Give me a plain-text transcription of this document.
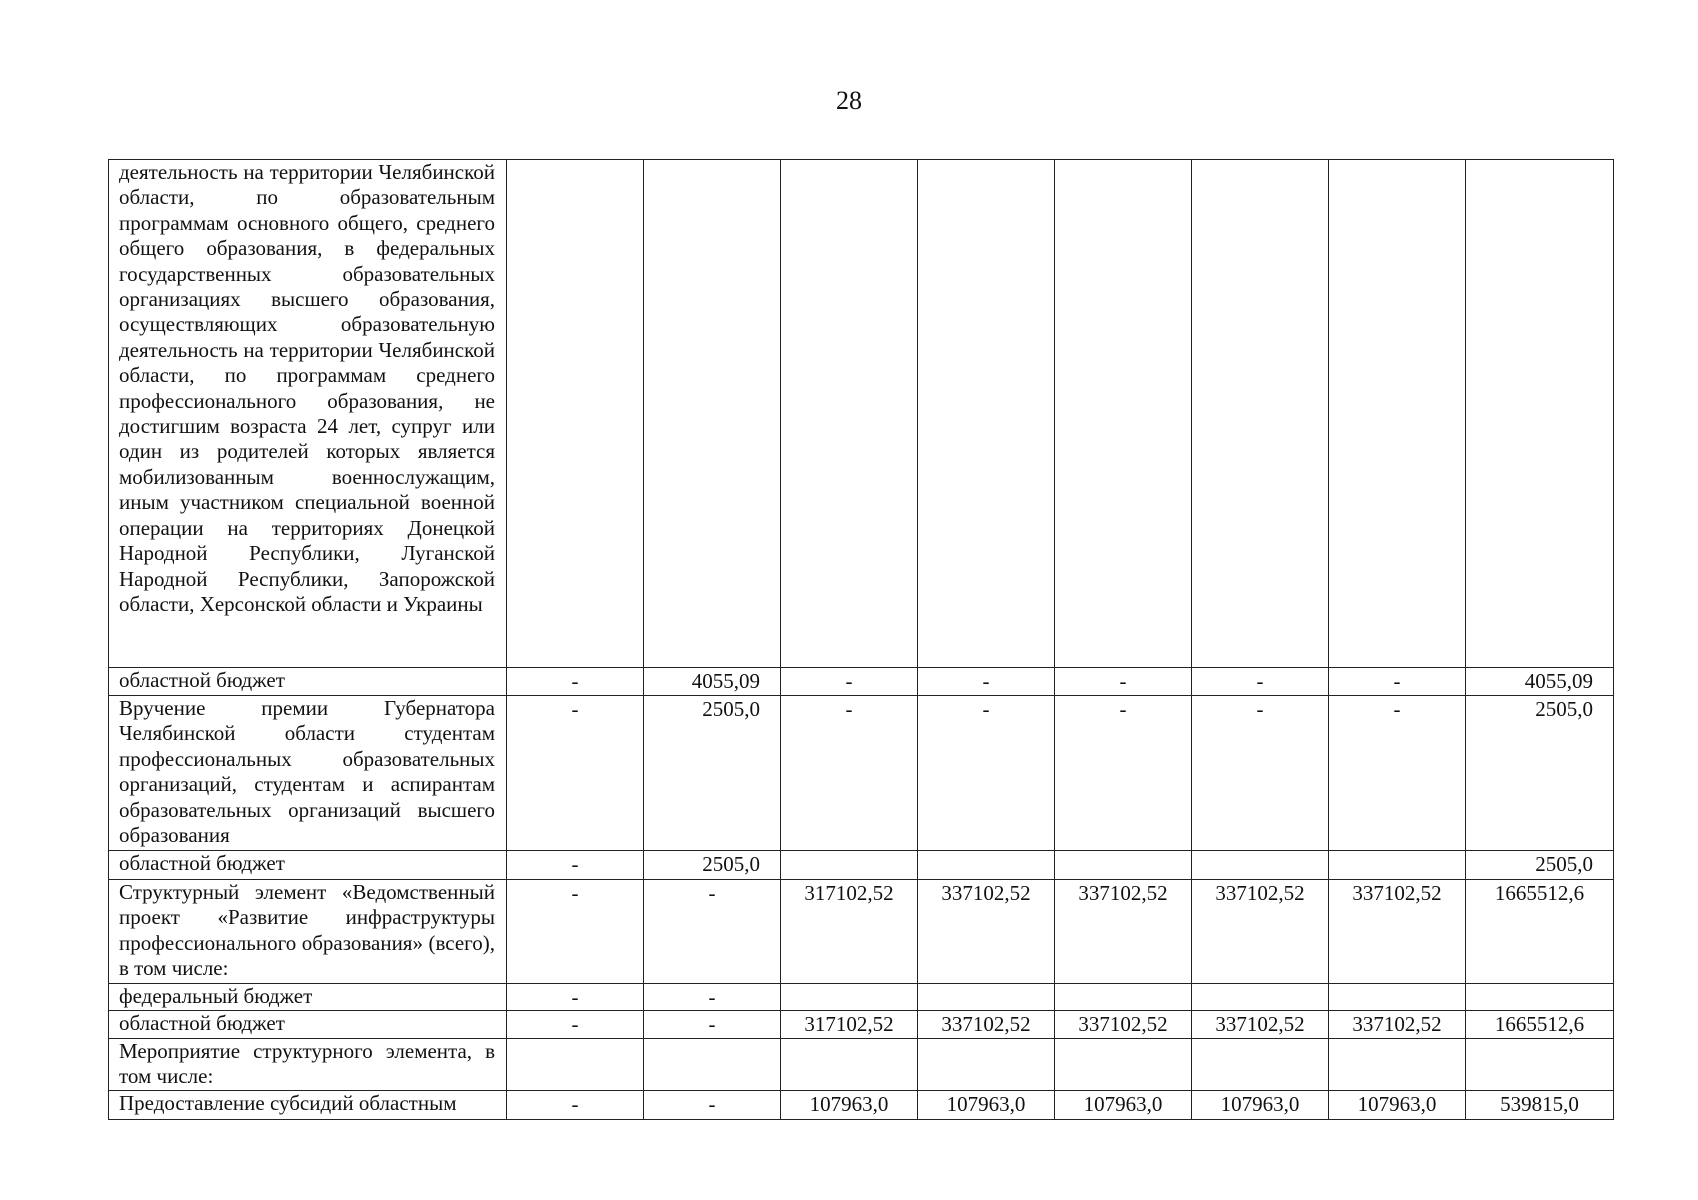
28
деятельность на территории Челябинской области, по образовательным программам основного общего, среднего общего образования, в федеральных государственных образовательных организациях высшего образования, осуществляющих образовательную деятельность на территории Челябинской области, по программам среднего профессионального образования, не достигшим возраста 24 лет, супруг или один из родителей которых является мобилизованным военнослужащим, иным участником специальной военной операции на территориях Донецкой Народной Республики, Луганской Народной Республики, Запорожской области, Херсонской области и Украины								
областной бюджет	-	4055,09	-	-	-	-	-	4055,09
Вручение премии Губернатора Челябинской области студентам профессиональных образовательных организаций, студентам и аспирантам образовательных организаций высшего образования	-	2505,0	-	-	-	-	-	2505,0
областной бюджет	-	2505,0						2505,0
Структурный элемент «Ведомственный проект «Развитие инфраструктуры профессионального образования» (всего), в том числе:	-	-	317102,52	337102,52	337102,52	337102,52	337102,52	1665512,6
федеральный бюджет	-	-						
областной бюджет	-	-	317102,52	337102,52	337102,52	337102,52	337102,52	1665512,6
Мероприятие структурного элемента, в том числе:								
Предоставление субсидий областным	-	-	107963,0	107963,0	107963,0	107963,0	107963,0	539815,0
